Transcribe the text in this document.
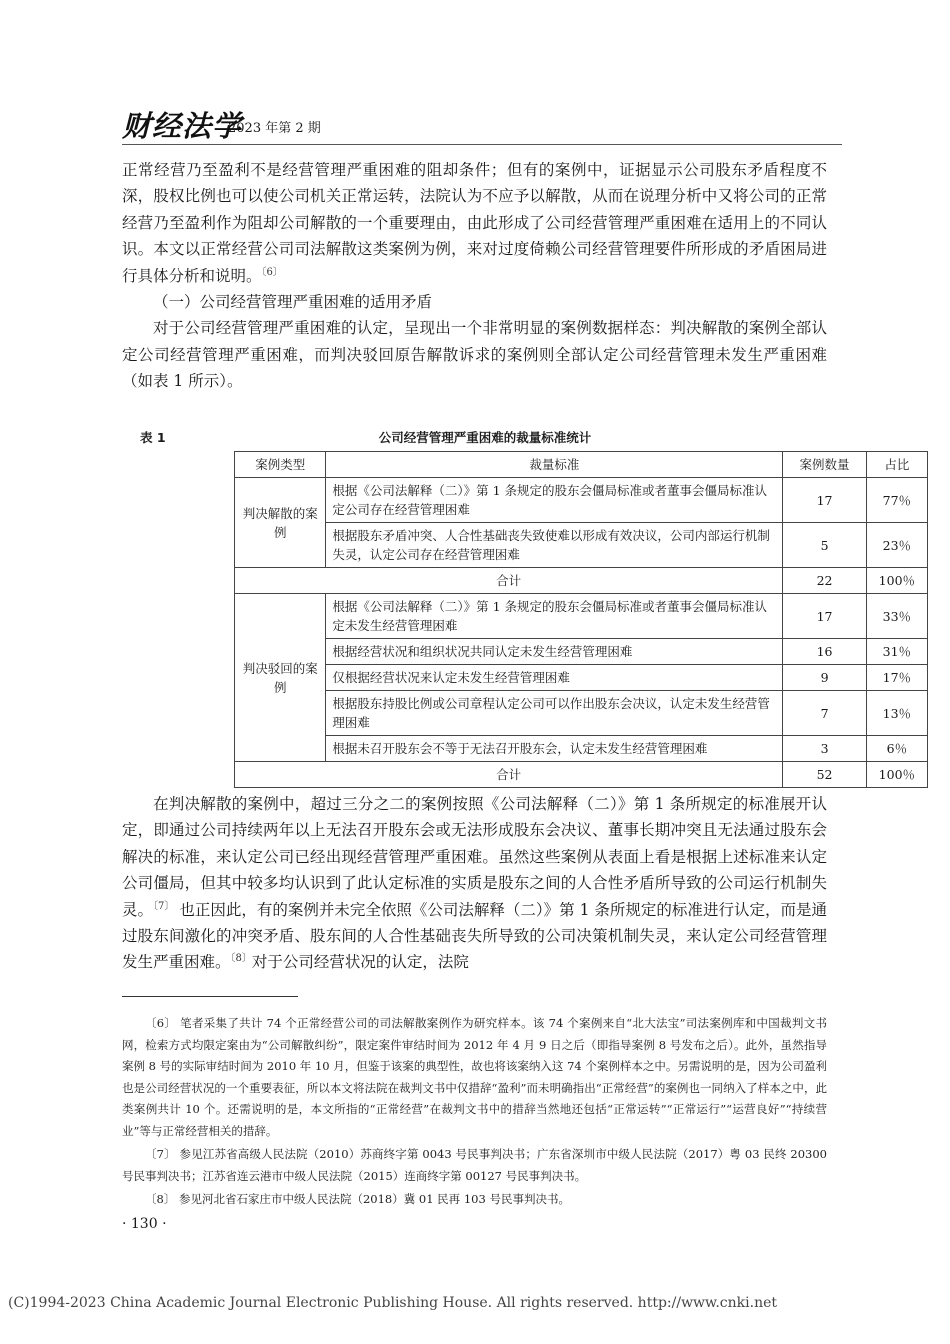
财经法学
2023 年第 2 期

正常经营乃至盈利不是经营管理严重困难的阻却条件；但有的案例中，证据显示公司股东矛盾程度不深，股权比例也可以使公司机关正常运转，法院认为不应予以解散，从而在说理分析中又将公司的正常经营乃至盈利作为阻却公司解散的一个重要理由，由此形成了公司经营管理严重困难在适用上的不同认识。本文以正常经营公司司法解散这类案例为例，来对过度倚赖公司经营管理要件所形成的矛盾困局进行具体分析和说明。$^{〔6〕}$

（一）公司经营管理严重困难的适用矛盾

对于公司经营管理严重困难的认定，呈现出一个非常明显的案例数据样态：判决解散的案例全部认定公司经营管理严重困难，而判决驳回原告解散诉求的案例则全部认定公司经营管理未发生严重困难（如表 1 所示）。

表 1	公司经营管理严重困难的裁量标准统计
案例类型	裁量标准	案例数量	占比
判决解散的案例	根据《公司法解释（二）》第 1 条规定的股东会僵局标准或者董事会僵局标准认定公司存在经营管理困难	17	77％
	根据股东矛盾冲突、人合性基础丧失致使难以形成有效决议，公司内部运行机制失灵，认定公司存在经营管理困难	5	23％
合计		22	100％
判决驳回的案例	根据《公司法解释（二）》第 1 条规定的股东会僵局标准或者董事会僵局标准认定未发生经营管理困难	17	33％
	根据经营状况和组织状况共同认定未发生经营管理困难	16	31％
	仅根据经营状况来认定未发生经营管理困难	9	17％
	根据股东持股比例或公司章程认定公司可以作出股东会决议，认定未发生经营管理困难	7	13％
	根据未召开股东会不等于无法召开股东会，认定未发生经营管理困难	3	6％
合计		52	100％

在判决解散的案例中，超过三分之二的案例按照《公司法解释（二）》第 1 条所规定的标准展开认定，即通过公司持续两年以上无法召开股东会或无法形成股东会决议、董事长期冲突且无法通过股东会解决的标准，来认定公司已经出现经营管理严重困难。虽然这些案例从表面上看是根据上述标准来认定公司僵局，但其中较多均认识到了此认定标准的实质是股东之间的人合性矛盾所导致的公司运行机制失灵。$^{〔7〕}$ 也正因此，有的案例并未完全依照《公司法解释（二）》第 1 条所规定的标准进行认定，而是通过股东间激化的冲突矛盾、股东间的人合性基础丧失所导致的公司决策机制失灵，来认定公司经营管理发生严重困难。$^{〔8〕}$对于公司经营状况的认定，法院

〔6〕 笔者采集了共计 74 个正常经营公司的司法解散案例作为研究样本。该 74 个案例来自“北大法宝”司法案例库和中国裁判文书网，检索方式均限定案由为“公司解散纠纷”，限定案件审结时间为 2012 年 4 月 9 日之后（即指导案例 8 号发布之后）。此外，虽然指导案例 8 号的实际审结时间为 2010 年 10 月，但鉴于该案的典型性，故也将该案纳入这 74 个案例样本之中。另需说明的是，因为公司盈利也是公司经营状况的一个重要表征，所以本文将法院在裁判文书中仅措辞“盈利”而未明确指出“正常经营”的案例也一同纳入了样本之中，此类案例共计 10 个。还需说明的是，本文所指的“正常经营”在裁判文书中的措辞当然地还包括“正常运转”“正常运行”“运营良好”“持续营业”等与正常经营相关的措辞。

〔7〕 参见江苏省高级人民法院（2010）苏商终字第 0043 号民事判决书；广东省深圳市中级人民法院（2017）粤 03 民终 20300 号民事判决书；江苏省连云港市中级人民法院（2015）连商终字第 00127 号民事判决书。

〔8〕 参见河北省石家庄市中级人民法院（2018）冀 01 民再 103 号民事判决书。

· 130 ·
(C)1994-2023 China Academic Journal Electronic Publishing House. All rights reserved. http://www.cnki.net
